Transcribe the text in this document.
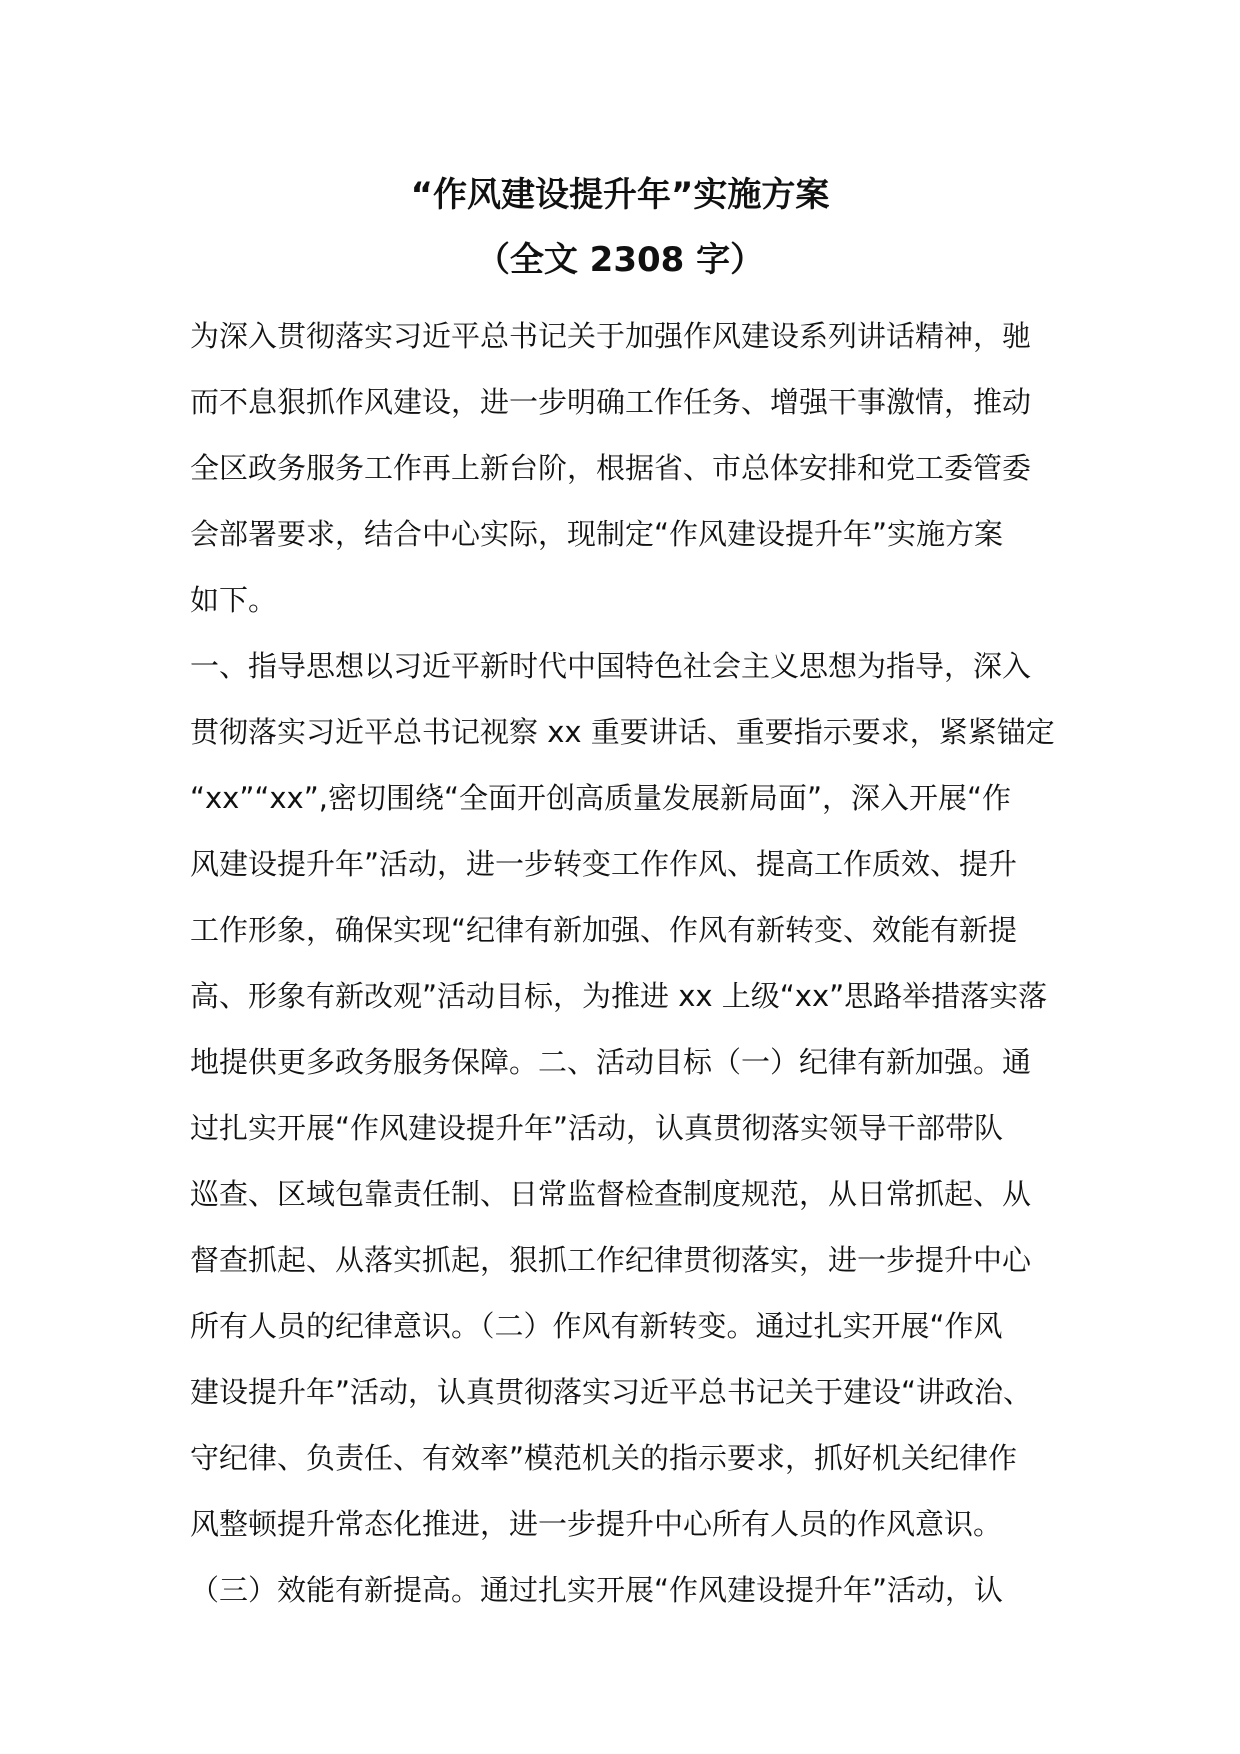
“作风建设提升年”实施方案
（全文 2308 字）
为深入贯彻落实习近平总书记关于加强作风建设系列讲话精神，驰
而不息狠抓作风建设，进一步明确工作任务、增强干事激情，推动
全区政务服务工作再上新台阶，根据省、市总体安排和党工委管委
会部署要求，结合中心实际，现制定“作风建设提升年”实施方案
如下。
一、指导思想以习近平新时代中国特色社会主义思想为指导，深入
贯彻落实习近平总书记视察 xx 重要讲话、重要指示要求，紧紧锚定
“xx”“xx”,密切围绕“全面开创高质量发展新局面”，深入开展“作
风建设提升年”活动，进一步转变工作作风、提高工作质效、提升
工作形象，确保实现“纪律有新加强、作风有新转变、效能有新提
高、形象有新改观”活动目标，为推进 xx 上级“xx”思路举措落实落
地提供更多政务服务保障。二、活动目标（一）纪律有新加强。通
过扎实开展“作风建设提升年”活动，认真贯彻落实领导干部带队
巡查、区域包靠责任制、日常监督检查制度规范，从日常抓起、从
督查抓起、从落实抓起，狠抓工作纪律贯彻落实，进一步提升中心
所有人员的纪律意识。（二）作风有新转变。通过扎实开展“作风
建设提升年”活动，认真贯彻落实习近平总书记关于建设“讲政治、
守纪律、负责任、有效率”模范机关的指示要求，抓好机关纪律作
风整顿提升常态化推进，进一步提升中心所有人员的作风意识。
（三）效能有新提高。通过扎实开展“作风建设提升年”活动，认
